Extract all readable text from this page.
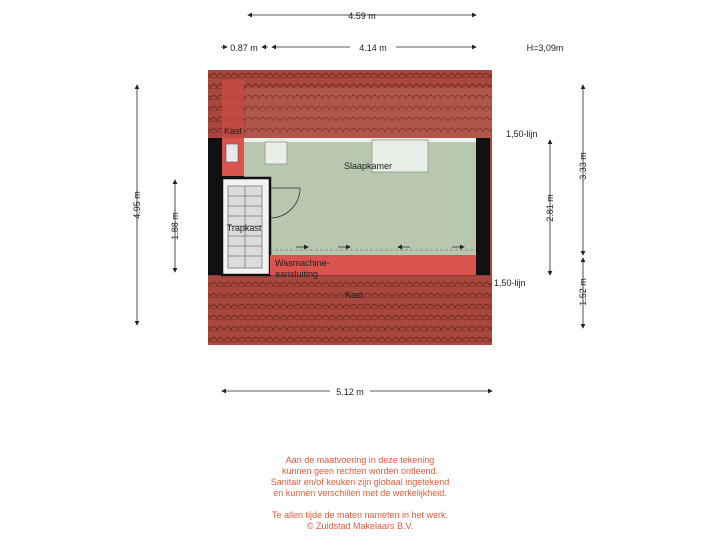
4.59 m
0.87 m	4.14 m	H=3,09m
4.95 m
1.88 m
3.33 m
2.81 m
1.52 m
5.12 m
Kast
Slaapkamer
Trapkast
Wasmachine-
aansluiting
Kast
1,50-lijn
1,50-lijn
Aan de maatvoering in deze tekening
kunnen geen rechten worden ontleend.
Sanitair en/of keuken zijn globaal ingetekend
en kunnen verschillen met de werkelijkheid.
Te allen tijde de maten nameten in het werk.
© Zuidstad Makelaars B.V.
